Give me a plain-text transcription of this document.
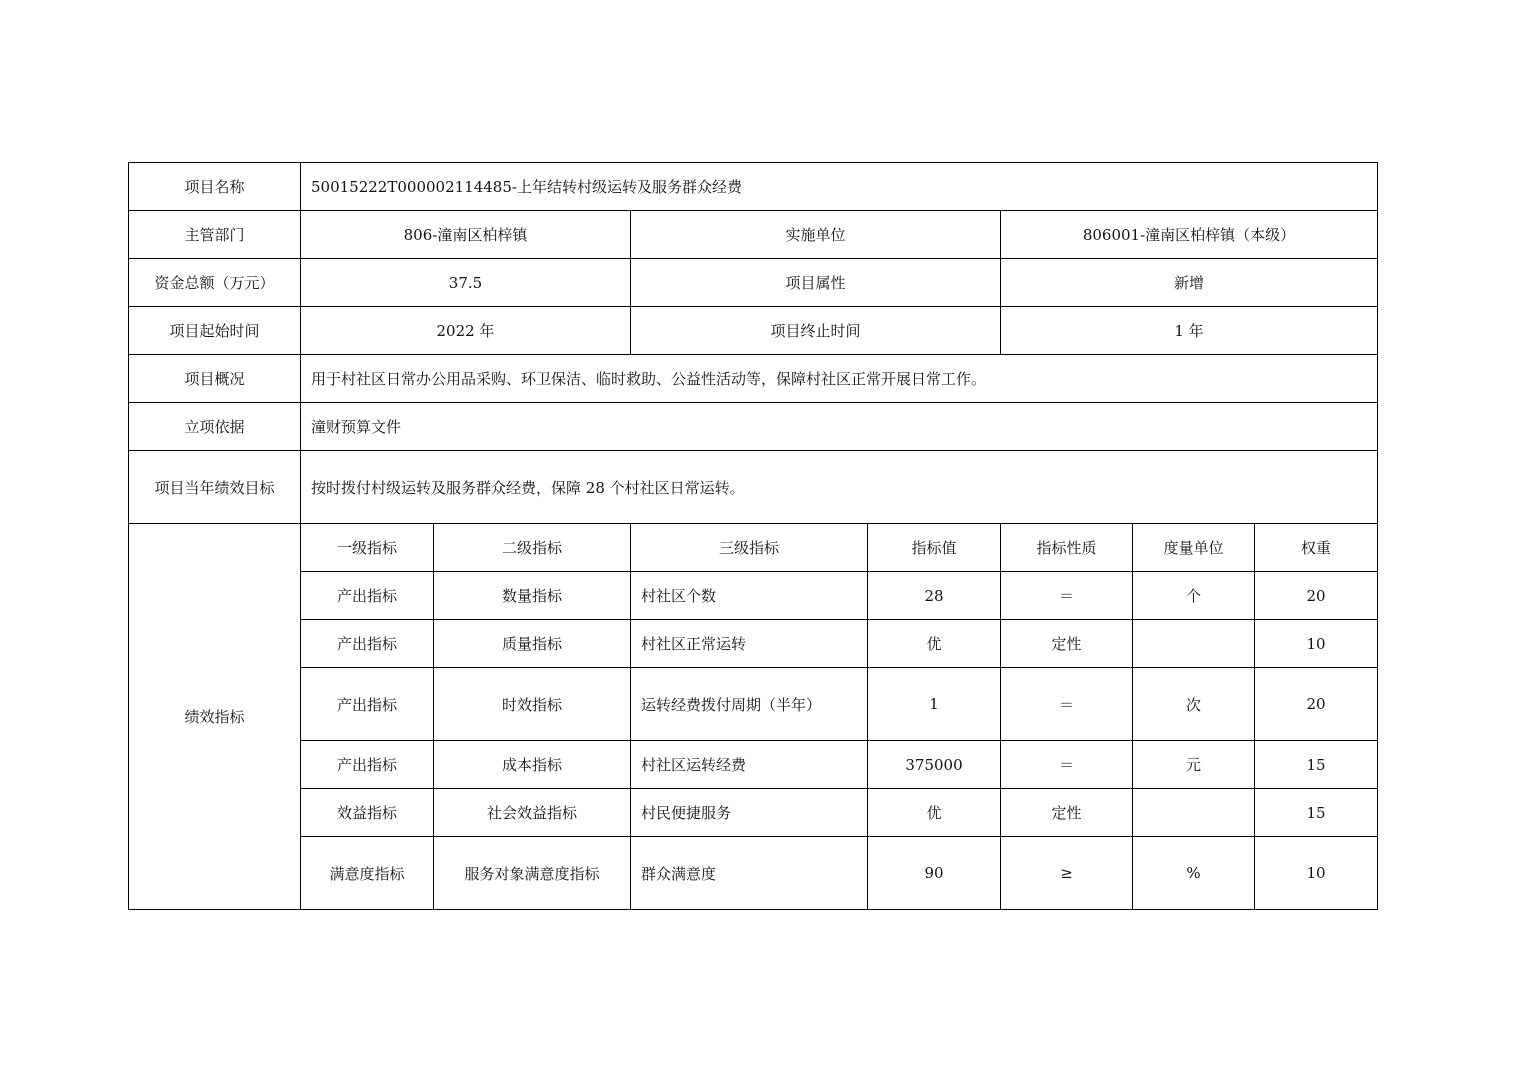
项目名称	50015222T000002114485-上年结转村级运转及服务群众经费						
主管部门	806-潼南区柏梓镇		实施单位		806001-潼南区柏梓镇（本级）		
资金总额（万元）	37.5		项目属性		新增		
项目起始时间	2022 年		项目终止时间		1 年		
项目概况	用于村社区日常办公用品采购、环卫保洁、临时救助、公益性活动等，保障村社区正常开展日常工作。						
立项依据	潼财预算文件						
项目当年绩效目标	按时拨付村级运转及服务群众经费，保障 28 个村社区日常运转。						
绩效指标	一级指标	二级指标	三级指标	指标值	指标性质	度量单位	权重
	产出指标	数量指标	村社区个数	28	＝	个	20
	产出指标	质量指标	村社区正常运转	优	定性		10
	产出指标	时效指标	运转经费拨付周期（半年）	1	＝	次	20
	产出指标	成本指标	村社区运转经费	375000	＝	元	15
	效益指标	社会效益指标	村民便捷服务	优	定性		15
	满意度指标	服务对象满意度指标	群众满意度	90	≥	%	10
